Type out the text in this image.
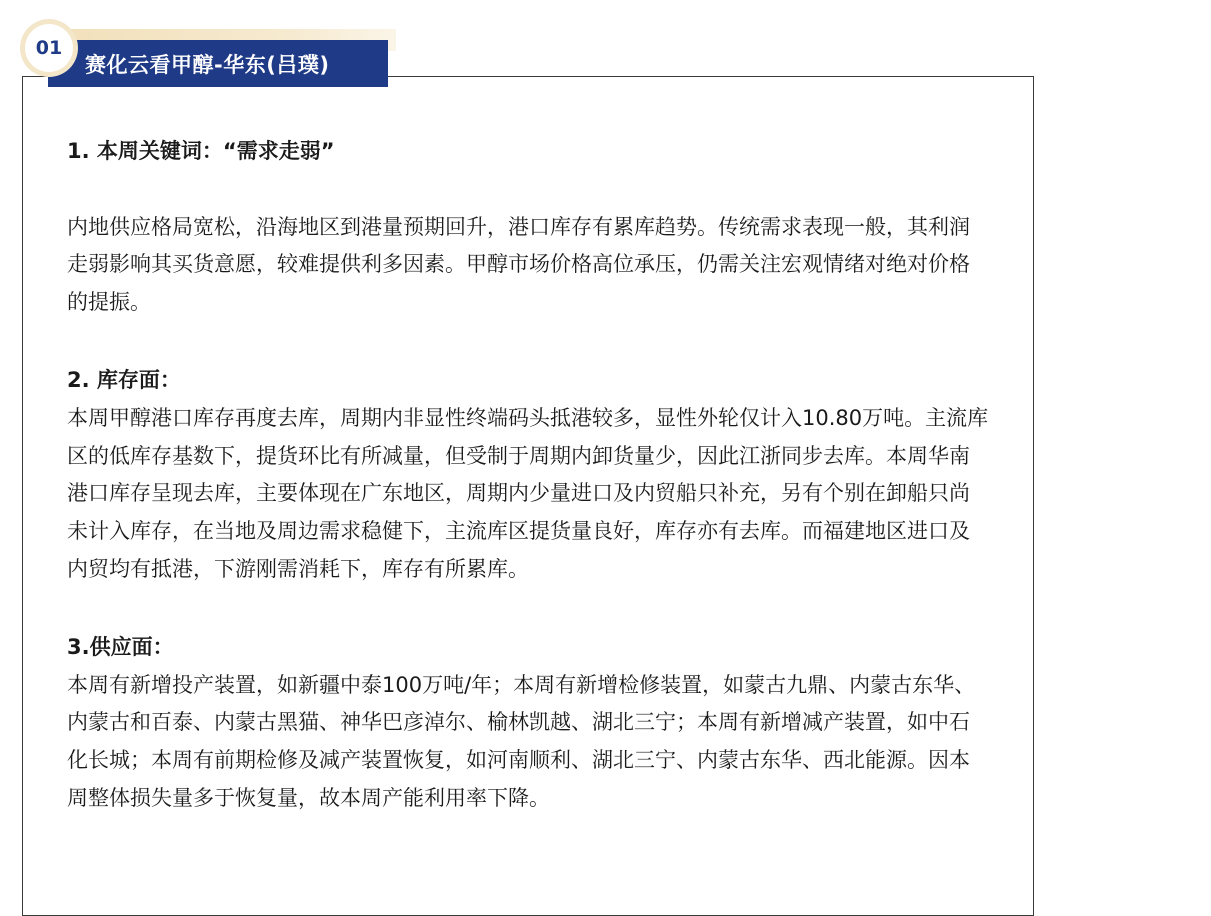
赛化云看甲醇-华东(吕璞)
01

1. 本周关键词：“需求走弱”

内地供应格局宽松，沿海地区到港量预期回升，港口库存有累库趋势。传统需求表现一般，其利润走弱影响其买货意愿，较难提供利多因素。甲醇市场价格高位承压，仍需关注宏观情绪对绝对价格的提振。

2. 库存面：

本周甲醇港口库存再度去库，周期内非显性终端码头抵港较多，显性外轮仅计入10.80万吨。主流库区的低库存基数下，提货环比有所减量，但受制于周期内卸货量少，因此江浙同步去库。本周华南港口库存呈现去库，主要体现在广东地区，周期内少量进口及内贸船只补充，另有个别在卸船只尚未计入库存，在当地及周边需求稳健下，主流库区提货量良好，库存亦有去库。而福建地区进口及内贸均有抵港，下游刚需消耗下，库存有所累库。

3.供应面：

本周有新增投产装置，如新疆中泰100万吨/年；本周有新增检修装置，如蒙古九鼎、内蒙古东华、内蒙古和百泰、内蒙古黑猫、神华巴彦淖尔、榆林凯越、湖北三宁；本周有新增减产装置，如中石化长城；本周有前期检修及减产装置恢复，如河南顺利、湖北三宁、内蒙古东华、西北能源。因本周整体损失量多于恢复量，故本周产能利用率下降。
